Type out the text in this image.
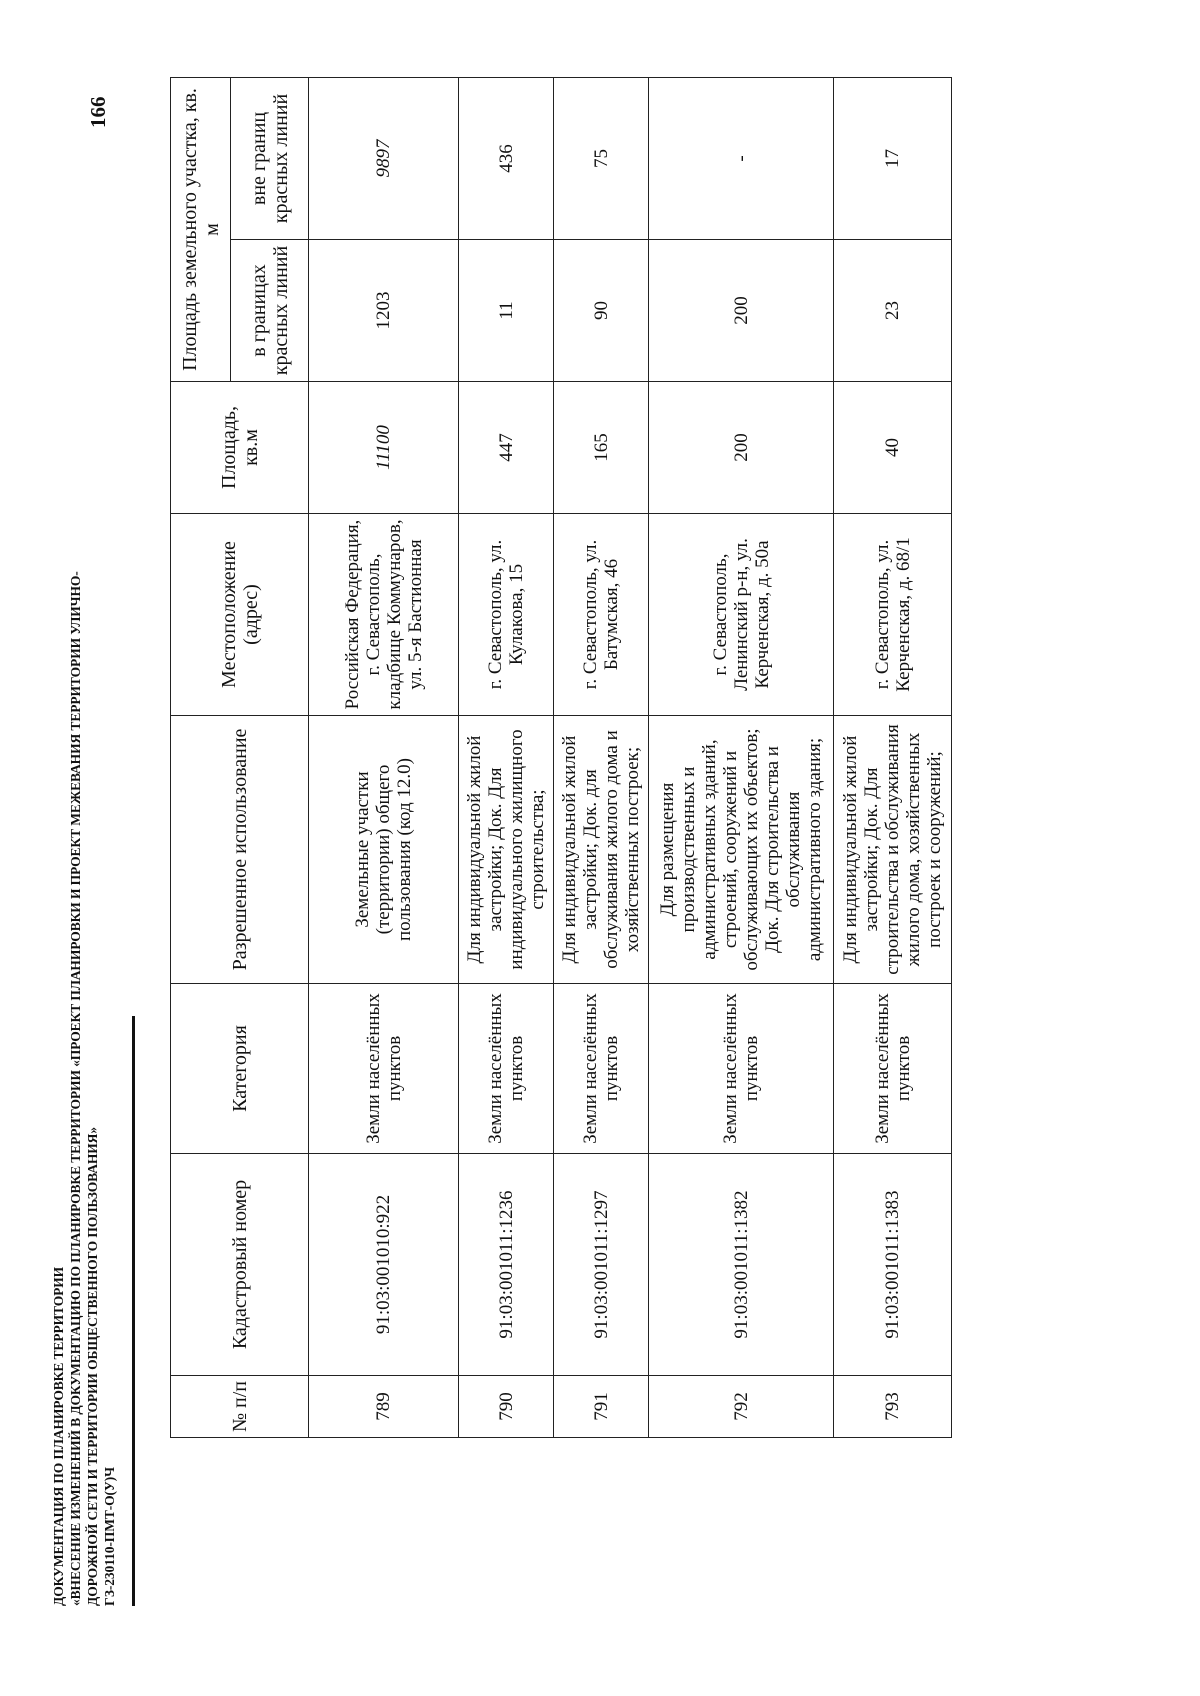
ДОКУМЕНТАЦИЯ ПО ПЛАНИРОВКЕ ТЕРРИТОРИИ «ВНЕСЕНИЕ ИЗМЕНЕНИЙ В ДОКУМЕНТАЦИЮ ПО ПЛАНИРОВКЕ ТЕРРИТОРИИ «ПРОЕКТ ПЛАНИРОВКИ И ПРОЕКТ МЕЖЕВАНИЯ ТЕРРИТОРИИ УЛИЧНО- ДОРОЖНОЙ СЕТИ И ТЕРРИТОРИИ ОБЩЕСТВЕННОГО ПОЛЬЗОВАНИЯ» ГЗ-230110-ПМТ-О(У)Ч
166
№ п/п	Кадастровый номер	Категория	Разрешенное использование	Местоположение (адрес)	Площадь, кв.м	Площадь земельного участка, кв. м	
						в границах красных линий	вне границ красных линий
789	91:03:001010:922	Земли населённых пунктов	Земельные участки (территории) общего пользования (код 12.0)	Российская Федерация, г. Севастополь, кладбище Коммунаров, ул. 5-я Бастионная	11100	1203	9897
790	91:03:001011:1236	Земли населённых пунктов	Для индивидуальной жилой застройки; Док. Для индивидуального жилищного строительства;	г. Севастополь, ул. Кулакова, 15	447	11	436
791	91:03:001011:1297	Земли населённых пунктов	Для индивидуальной жилой застройки; Док. для обслуживания жилого дома и хозяйственных построек;	г. Севастополь, ул. Батумская, 46	165	90	75
792	91:03:001011:1382	Земли населённых пунктов	Для размещения производственных и административных зданий, строений, сооружений и обслуживающих их объектов; Док. Для строительства и обслуживания административного здания;	г. Севастополь, Ленинский р-н, ул. Керченская, д. 50а	200	200	-
793	91:03:001011:1383	Земли населённых пунктов	Для индивидуальной жилой застройки; Док. Для строительства и обслуживания жилого дома, хозяйственных построек и сооружений;	г. Севастополь, ул. Керченская, д. 68/1	40	23	17
